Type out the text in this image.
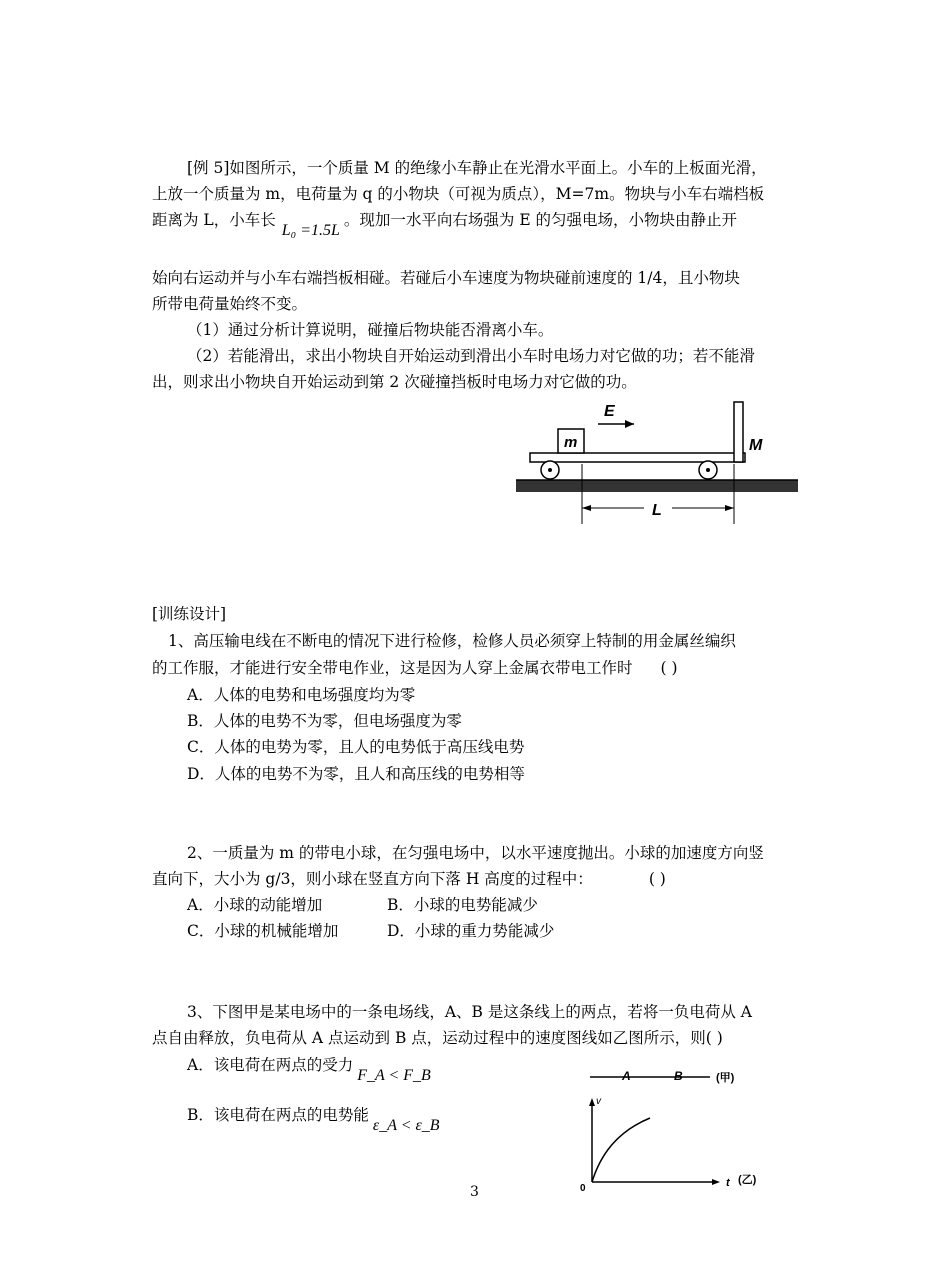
[例 5]如图所示，一个质量 M 的绝缘小车静止在光滑水平面上。小车的上板面光滑，
上放一个质量为 m，电荷量为 q 的小物块（可视为质点），M=7m。物块与小车右端档板
距离为 L，小车长L₀ =1.5L。现加一水平向右场强为 E 的匀强电场，小物块由静止开
始向右运动并与小车右端挡板相碰。若碰后小车速度为物块碰前速度的 1/4，且小物块
所带电荷量始终不变。
（1）通过分析计算说明，碰撞后物块能否滑离小车。
（2）若能滑出，求出小物块自开始运动到滑出小车时电场力对它做的功；若不能滑
出，则求出小物块自开始运动到第 2 次碰撞挡板时电场力对它做的功。
m
E
M
L
[训练设计]
1、高压输电线在不断电的情况下进行检修，检修人员必须穿上特制的用金属丝编织
的工作服，才能进行安全带电作业，这是因为人穿上金属衣带电工作时 ( )
A．人体的电势和电场强度均为零
B．人体的电势不为零，但电场强度为零
C．人体的电势为零，且人的电势低于高压线电势
D．人体的电势不为零，且人和高压线的电势相等
2、一质量为 m 的带电小球，在匀强电场中，以水平速度抛出。小球的加速度方向竖
直向下，大小为 g/3，则小球在竖直方向下落 H 高度的过程中：	( )
A．小球的动能增加	B．小球的电势能减少
C．小球的机械能增加	D．小球的重力势能减少
3、下图甲是某电场中的一条电场线，A、B 是这条线上的两点，若将一负电荷从 A
点自由释放，负电荷从 A 点运动到 B 点，运动过程中的速度图线如乙图所示，则( )
A．该电荷在两点的受力F_A < F_B
B．该电荷在两点的电势能ε_A < ε_B
A	B	(甲)
v
t
0
(乙)
3
